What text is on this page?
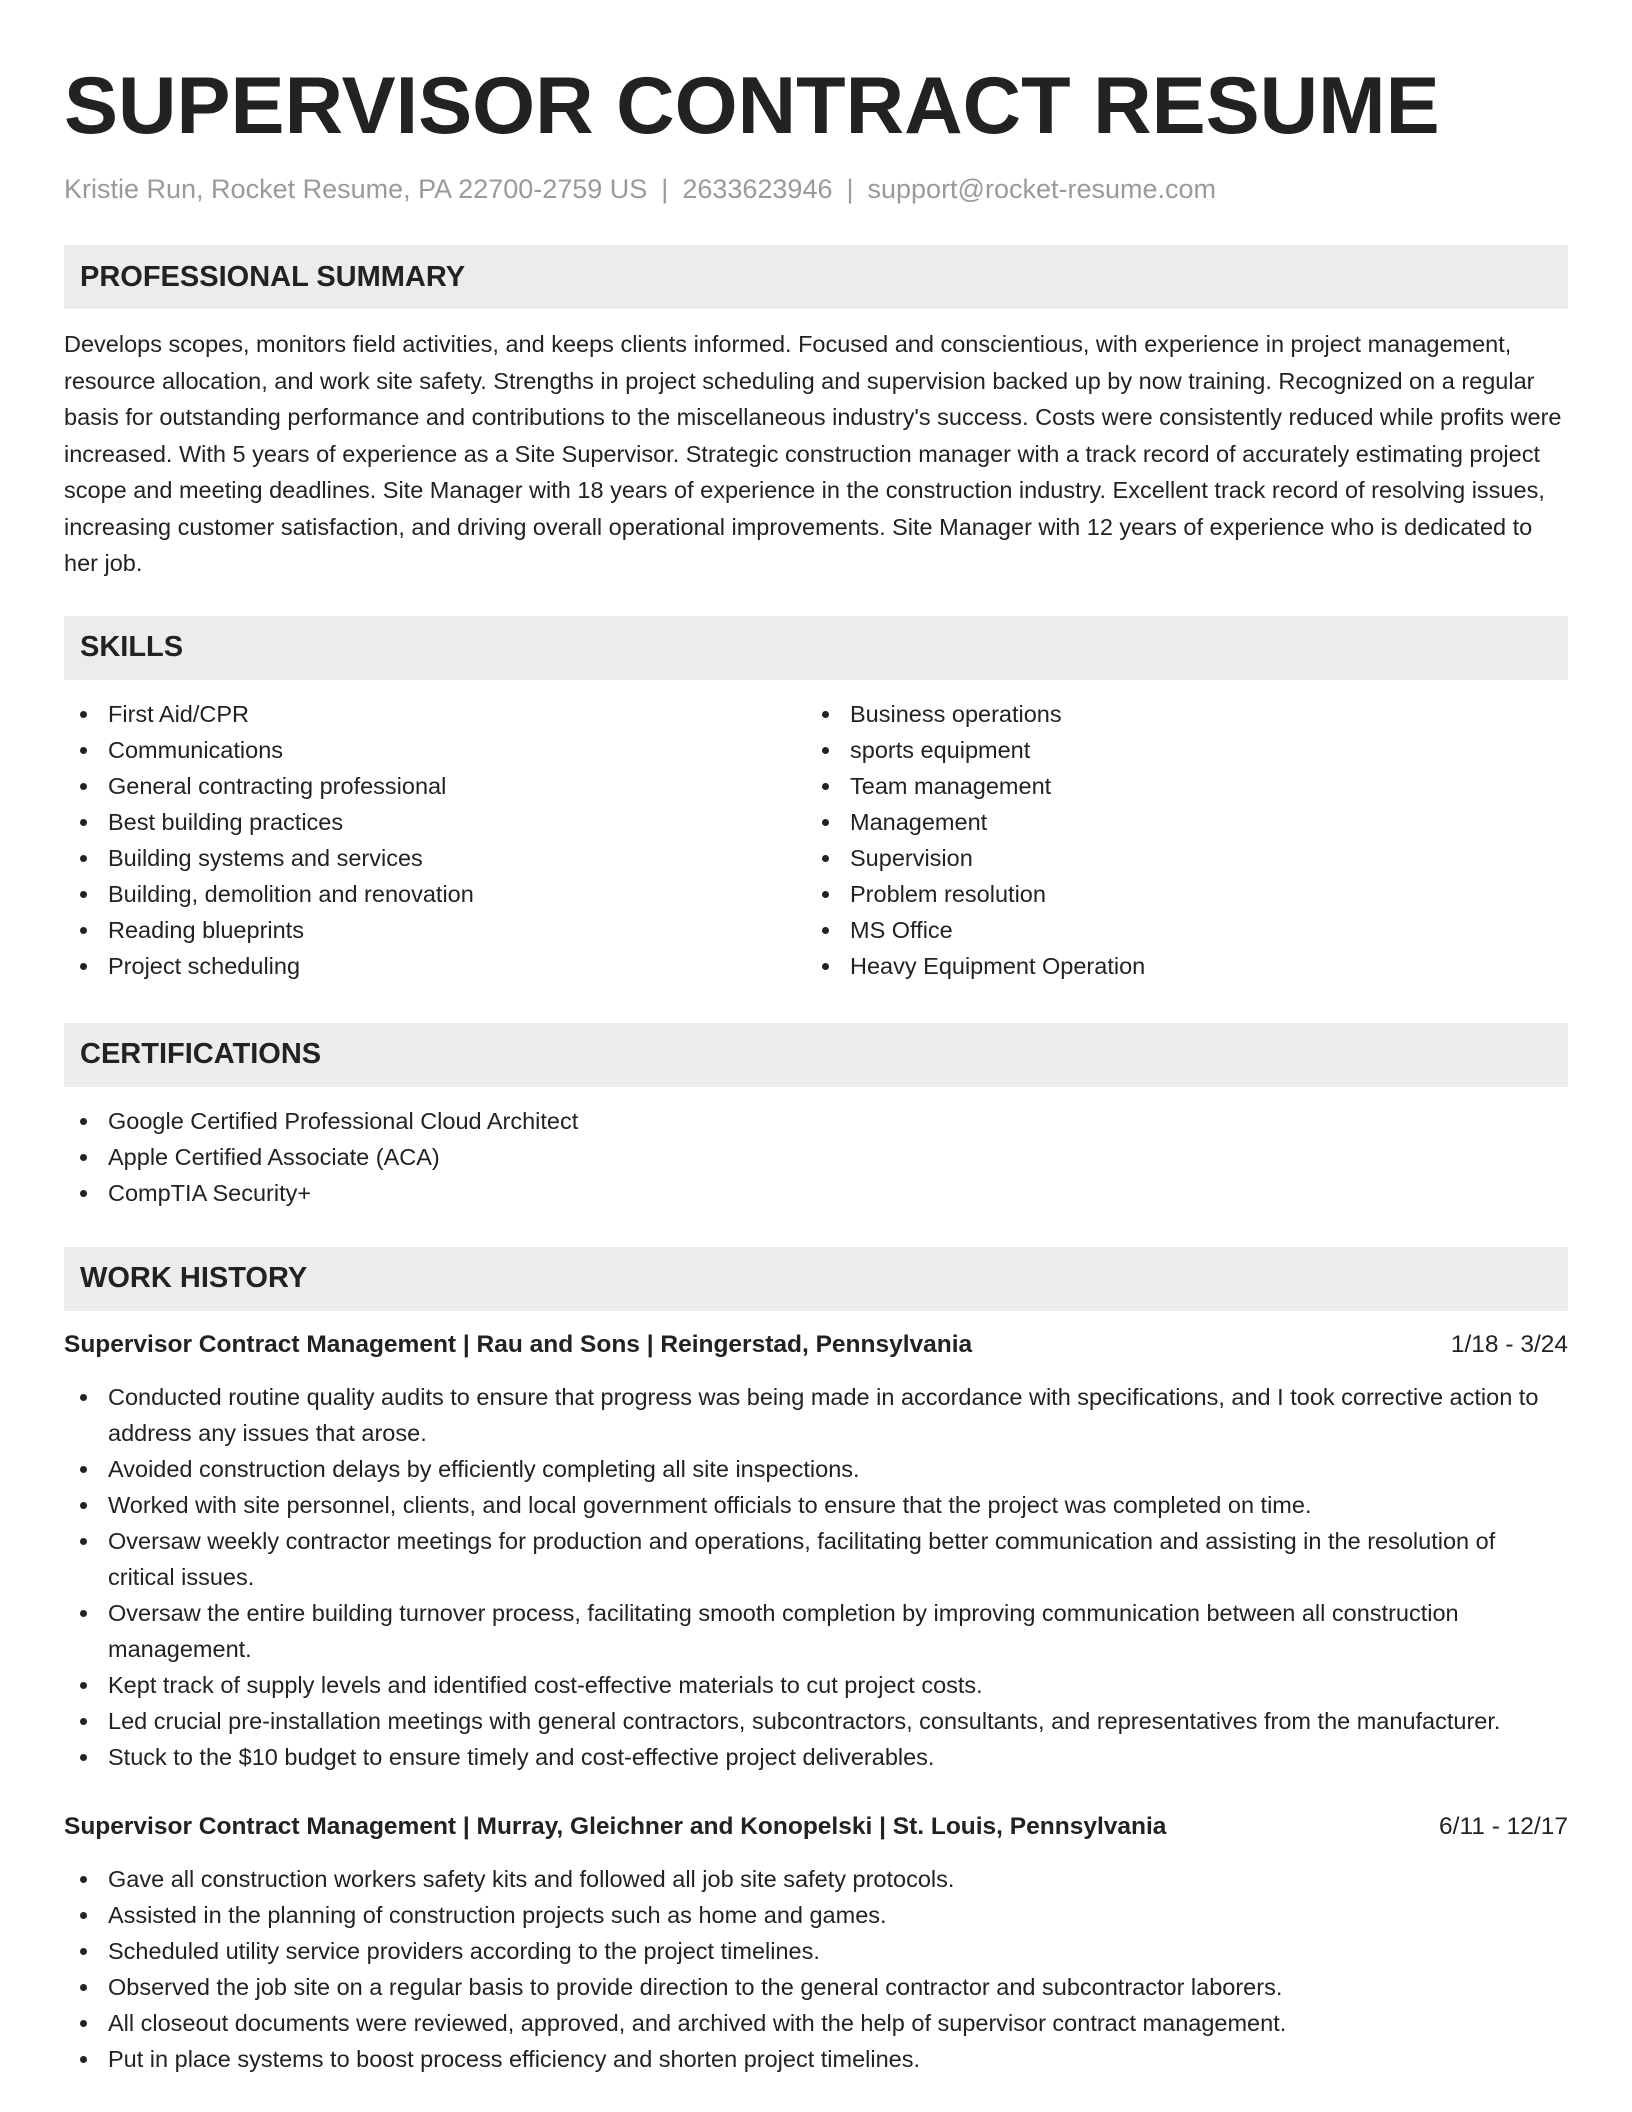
SUPERVISOR CONTRACT RESUME
Kristie Run, Rocket Resume, PA 22700-2759 US | 2633623946 | support@rocket-resume.com
PROFESSIONAL SUMMARY

Develops scopes, monitors field activities, and keeps clients informed. Focused and conscientious, with experience in project management, resource allocation, and work site safety. Strengths in project scheduling and supervision backed up by now training. Recognized on a regular basis for outstanding performance and contributions to the miscellaneous industry's success. Costs were consistently reduced while profits were increased. With 5 years of experience as a Site Supervisor. Strategic construction manager with a track record of accurately estimating project scope and meeting deadlines. Site Manager with 18 years of experience in the construction industry. Excellent track record of resolving issues, increasing customer satisfaction, and driving overall operational improvements. Site Manager with 12 years of experience who is dedicated to her job.

SKILLS
First Aid/CPR
Communications
General contracting professional
Best building practices
Building systems and services
Building, demolition and renovation
Reading blueprints
Project scheduling
Business operations
sports equipment
Team management
Management
Supervision
Problem resolution
MS Office
Heavy Equipment Operation
CERTIFICATIONS
Google Certified Professional Cloud Architect
Apple Certified Associate (ACA)
CompTIA Security+
WORK HISTORY
Supervisor Contract Management | Rau and Sons | Reingerstad, Pennsylvania	1/18 - 3/24
Conducted routine quality audits to ensure that progress was being made in accordance with specifications, and I took corrective action to address any issues that arose.
Avoided construction delays by efficiently completing all site inspections.
Worked with site personnel, clients, and local government officials to ensure that the project was completed on time.
Oversaw weekly contractor meetings for production and operations, facilitating better communication and assisting in the resolution of critical issues.
Oversaw the entire building turnover process, facilitating smooth completion by improving communication between all construction management.
Kept track of supply levels and identified cost-effective materials to cut project costs.
Led crucial pre-installation meetings with general contractors, subcontractors, consultants, and representatives from the manufacturer.
Stuck to the $10 budget to ensure timely and cost-effective project deliverables.
Supervisor Contract Management | Murray, Gleichner and Konopelski | St. Louis, Pennsylvania	6/11 - 12/17
Gave all construction workers safety kits and followed all job site safety protocols.
Assisted in the planning of construction projects such as home and games.
Scheduled utility service providers according to the project timelines.
Observed the job site on a regular basis to provide direction to the general contractor and subcontractor laborers.
All closeout documents were reviewed, approved, and archived with the help of supervisor contract management.
Put in place systems to boost process efficiency and shorten project timelines.
